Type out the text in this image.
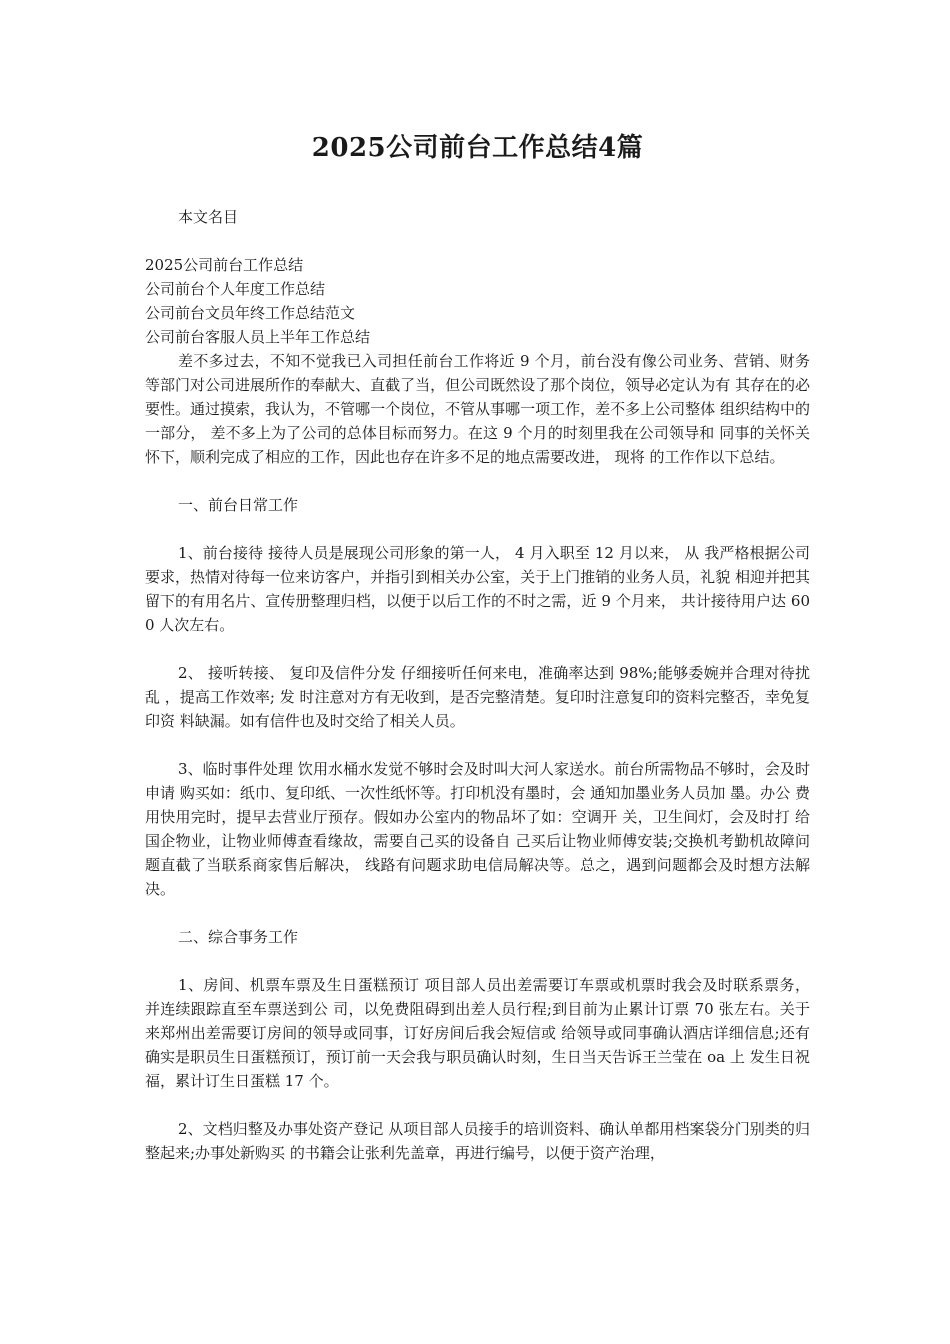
2025公司前台工作总结4篇

本文名目

2025公司前台工作总结

公司前台个人年度工作总结

公司前台文员年终工作总结范文

公司前台客服人员上半年工作总结

差不多过去，不知不觉我已入司担任前台工作将近 9 个月，前台没有像公司业务、营销、财务等部门对公司进展所作的奉献大、直截了当，但公司既然设了那个岗位，领导必定认为有 其存在的必要性。通过摸索，我认为，不管哪一个岗位，不管从事哪一项工作，差不多上公司整体 组织结构中的一部分， 差不多上为了公司的总体目标而努力。在这 9 个月的时刻里我在公司领导和 同事的关怀关怀下，顺利完成了相应的工作，因此也存在许多不足的地点需要改进， 现将 的工作作以下总结。

一、前台日常工作

1、前台接待 接待人员是展现公司形象的第一人， 4 月入职至 12 月以来， 从 我严格根据公司 要求，热情对待每一位来访客户，并指引到相关办公室，关于上门推销的业务人员，礼貌 相迎并把其留下的有用名片、宣传册整理归档，以便于以后工作的不时之需，近 9 个月来， 共计接待用户达 600 人次左右。

2、 接听转接、 复印及信件分发 仔细接听任何来电，准确率达到 98%;能够委婉并合理对待扰乱 ，提高工作效率; 发 时注意对方有无收到，是否完整清楚。复印时注意复印的资料完整否，幸免复印资 料缺漏。如有信件也及时交给了相关人员。

3、临时事件处理 饮用水桶水发觉不够时会及时叫大河人家送水。前台所需物品不够时，会及时申请 购买如：纸巾、复印纸、一次性纸怀等。打印机没有墨时，会 通知加墨业务人员加 墨。办公 费用快用完时，提早去营业厅预存。假如办公室内的物品坏了如：空调开 关，卫生间灯，会及时打 给国企物业，让物业师傅查看缘故，需要自己买的设备自 己买后让物业师傅安装;交换机考勤机故障问题直截了当联系商家售后解决， 线路有问题求助电信局解决等。总之，遇到问题都会及时想方法解决。

二、综合事务工作

1、房间、机票车票及生日蛋糕预订 项目部人员出差需要订车票或机票时我会及时联系票务， 并连续跟踪直至车票送到公 司，以免费阻碍到出差人员行程;到目前为止累计订票 70 张左右。关于来郑州出差需要订房间的领导或同事，订好房间后我会短信或 给领导或同事确认酒店详细信息;还有 确实是职员生日蛋糕预订，预订前一天会我与职员确认时刻，生日当天告诉王兰莹在 oa 上 发生日祝福，累计订生日蛋糕 17 个。

2、文档归整及办事处资产登记 从项目部人员接手的培训资料、确认单都用档案袋分门别类的归整起来;办事处新购买 的书籍会让张利先盖章，再进行编号，以便于资产治理，
